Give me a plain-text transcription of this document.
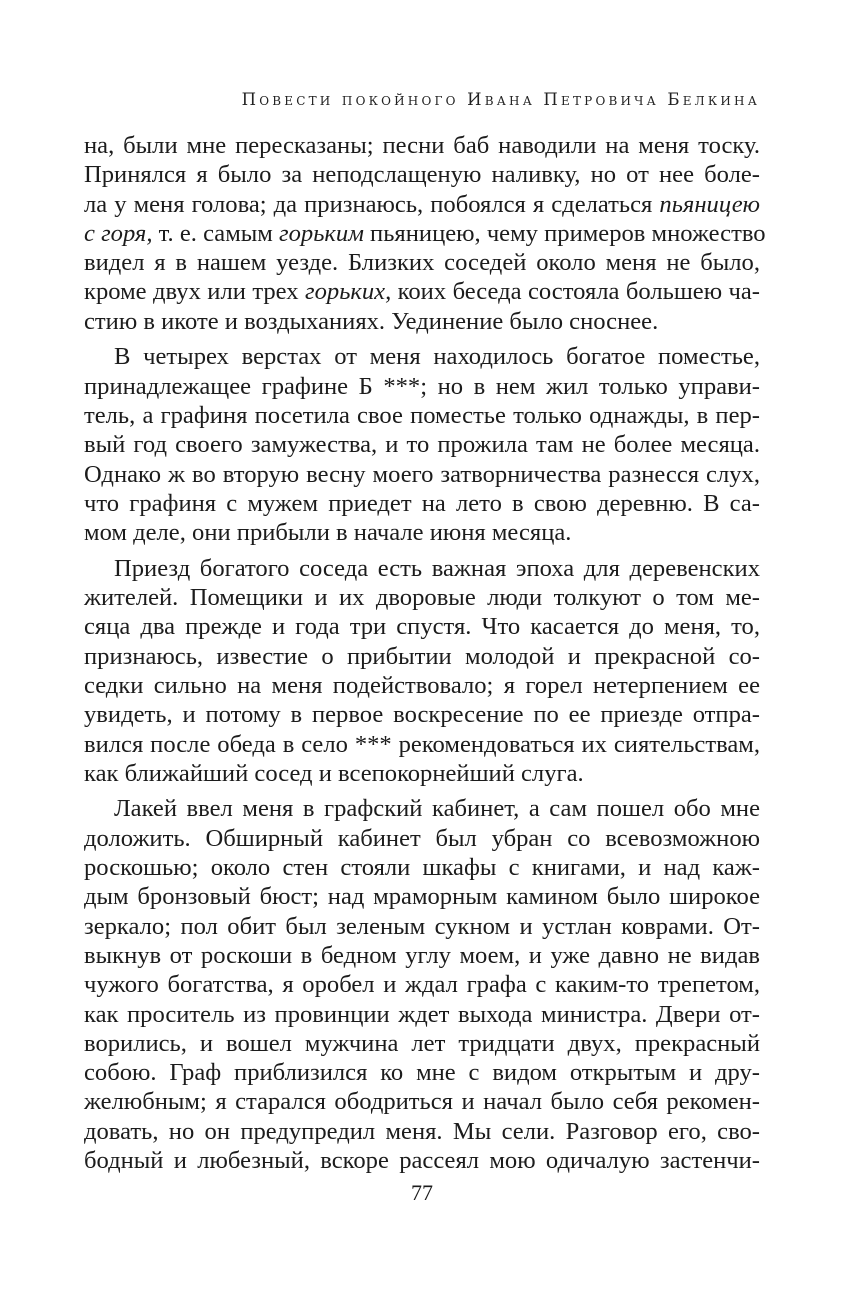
Повести покойного Ивана Петровича Белкина
на, были мне пересказаны; песни баб наводили на меня тоску.
Принялся я было за неподслащеную наливку, но от нее боле-
ла у меня голова; да признаюсь, побоялся я сделаться пьяницею
с горя, т. е. самым горьким пьяницею, чему примеров множество
видел я в нашем уезде. Близких соседей около меня не было,
кроме двух или трех горьких, коих беседа состояла большею ча-
стию в икоте и воздыханиях. Уединение было сноснее.
В четырех верстах от меня находилось богатое поместье,
принадлежащее графине Б ***; но в нем жил только управи-
тель, а графиня посетила свое поместье только однажды, в пер-
вый год своего замужества, и то прожила там не более месяца.
Однако ж во вторую весну моего затворничества разнесся слух,
что графиня с мужем приедет на лето в свою деревню. В са-
мом деле, они прибыли в начале июня месяца.
Приезд богатого соседа есть важная эпоха для деревенских
жителей. Помещики и их дворовые люди толкуют о том ме-
сяца два прежде и года три спустя. Что касается до меня, то,
признаюсь, известие о прибытии молодой и прекрасной со-
седки сильно на меня подействовало; я горел нетерпением ее
увидеть, и потому в первое воскресение по ее приезде отпра-
вился после обеда в село *** рекомендоваться их сиятельствам,
как ближайший сосед и всепокорнейший слуга.
Лакей ввел меня в графский кабинет, а сам пошел обо мне
доложить. Обширный кабинет был убран со всевозможною
роскошью; около стен стояли шкафы с книгами, и над каж-
дым бронзовый бюст; над мраморным камином было широкое
зеркало; пол обит был зеленым сукном и устлан коврами. От-
выкнув от роскоши в бедном углу моем, и уже давно не видав
чужого богатства, я оробел и ждал графа с каким-то трепетом,
как проситель из провинции ждет выхода министра. Двери от-
ворились, и вошел мужчина лет тридцати двух, прекрасный
собою. Граф приблизился ко мне с видом открытым и дру-
желюбным; я старался ободриться и начал было себя рекомен-
довать, но он предупредил меня. Мы сели. Разговор его, сво-
бодный и любезный, вскоре рассеял мою одичалую застенчи-
77
